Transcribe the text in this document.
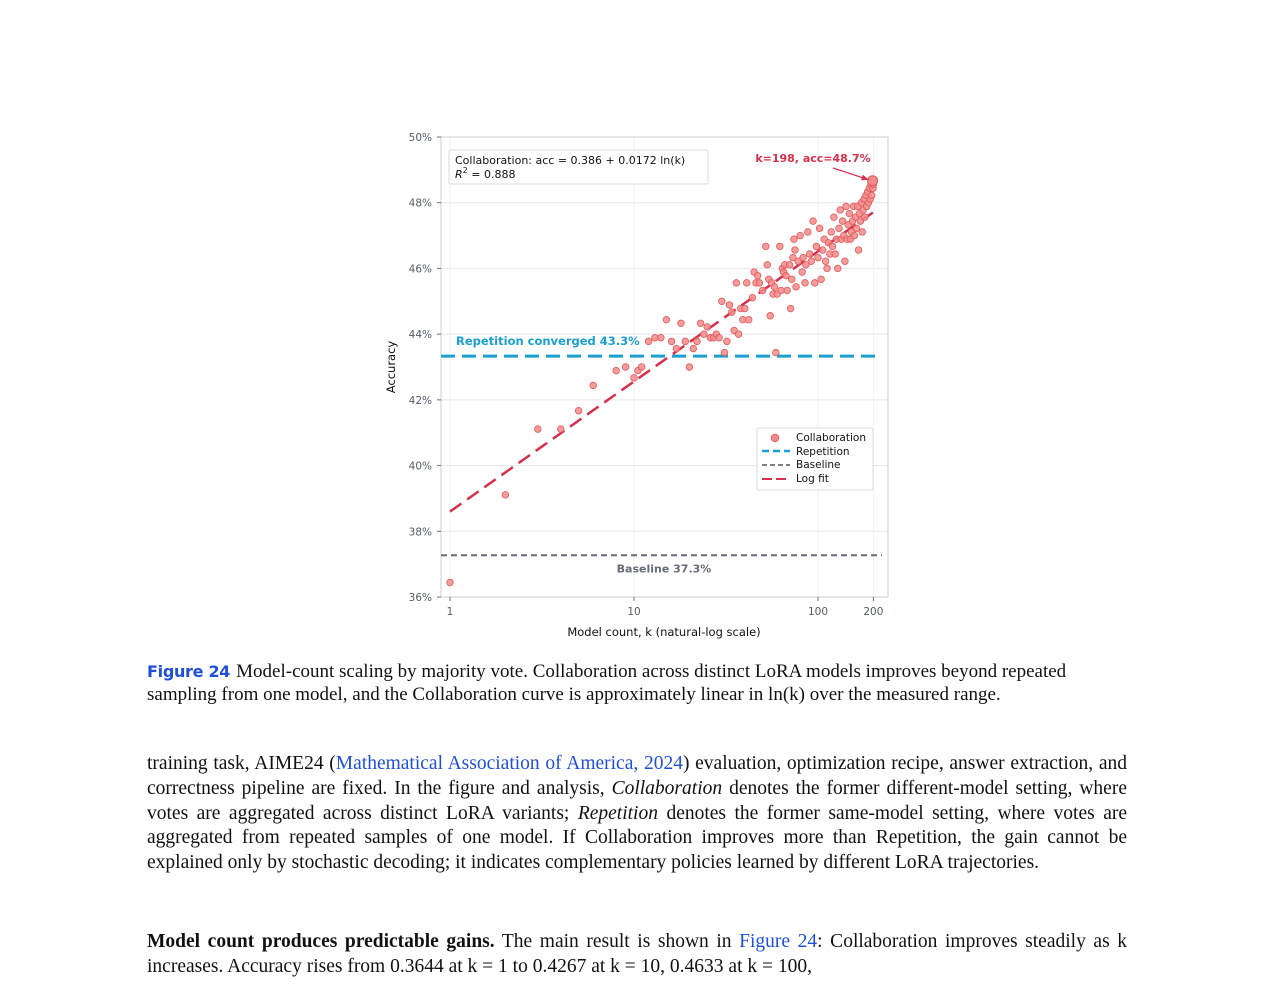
36%
38%
40%
42%
44%
46%
48%
50%
1	10	100	200
Model count, k (natural-log scale)
Accuracy
Baseline 37.3%
Repetition converged 43.3%
Collaboration: acc = 0.386 + 0.0172 ln(k)
$R^2 = 0.888$
k=198, acc=48.7%
Collaboration
Repetition
Baseline
Log fit
Figure 24 Model-count scaling by majority vote. Collaboration across distinct LoRA models improves beyond repeated sampling from one model, and the Collaboration curve is approximately linear in ln(k) over the measured range.
training task, AIME24 (Mathematical Association of America, 2024) evaluation, optimization recipe, answer extraction, and correctness pipeline are fixed. In the figure and analysis, Collaboration denotes the former different-model setting, where votes are aggregated across distinct LoRA variants; Repetition denotes the former same-model setting, where votes are aggregated from repeated samples of one model. If Collaboration improves more than Repetition, the gain cannot be explained only by stochastic decoding; it indicates complementary policies learned by different LoRA trajectories.
Model count produces predictable gains. The main result is shown in Figure 24: Collaboration improves steadily as k increases. Accuracy rises from 0.3644 at k = 1 to 0.4267 at k = 10, 0.4633 at k = 100,
